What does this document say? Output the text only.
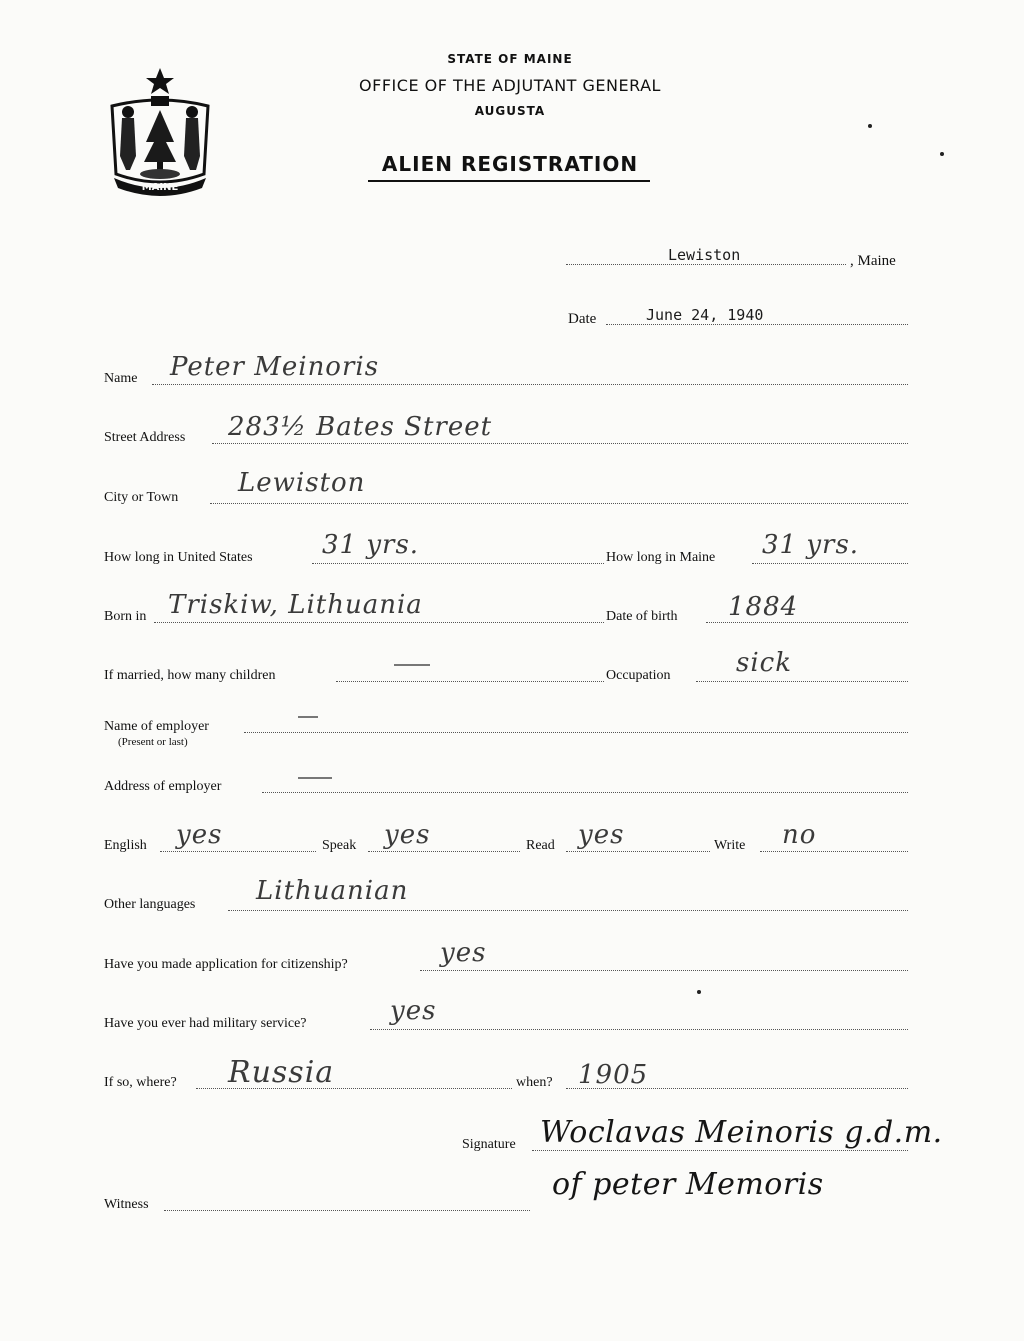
MAINE
STATE OF MAINE
OFFICE OF THE ADJUTANT GENERAL
AUGUSTA
ALIEN REGISTRATION
Lewiston	, Maine
Date	June 24, 1940
Name Peter Meinoris
Street Address 283½ Bates Street
City or Town Lewiston
How long in United States	31 yrs.	How long in Maine 31 yrs.
Born in Triskiw, Lithuania	Date of birth 1884
If married, how many children	Occupation	sick
Name of employer
(Present or last)
Address of employer
English yes	Speak yes	Read yes	Write no
Other languages Lithuanian
Have you made application for citizenship?	yes
Have you ever had military service?	yes
If so, where? Russia	when? 1905
Signature Woclavas Meinoris g.d.m.
of peter Memoris
Witness
